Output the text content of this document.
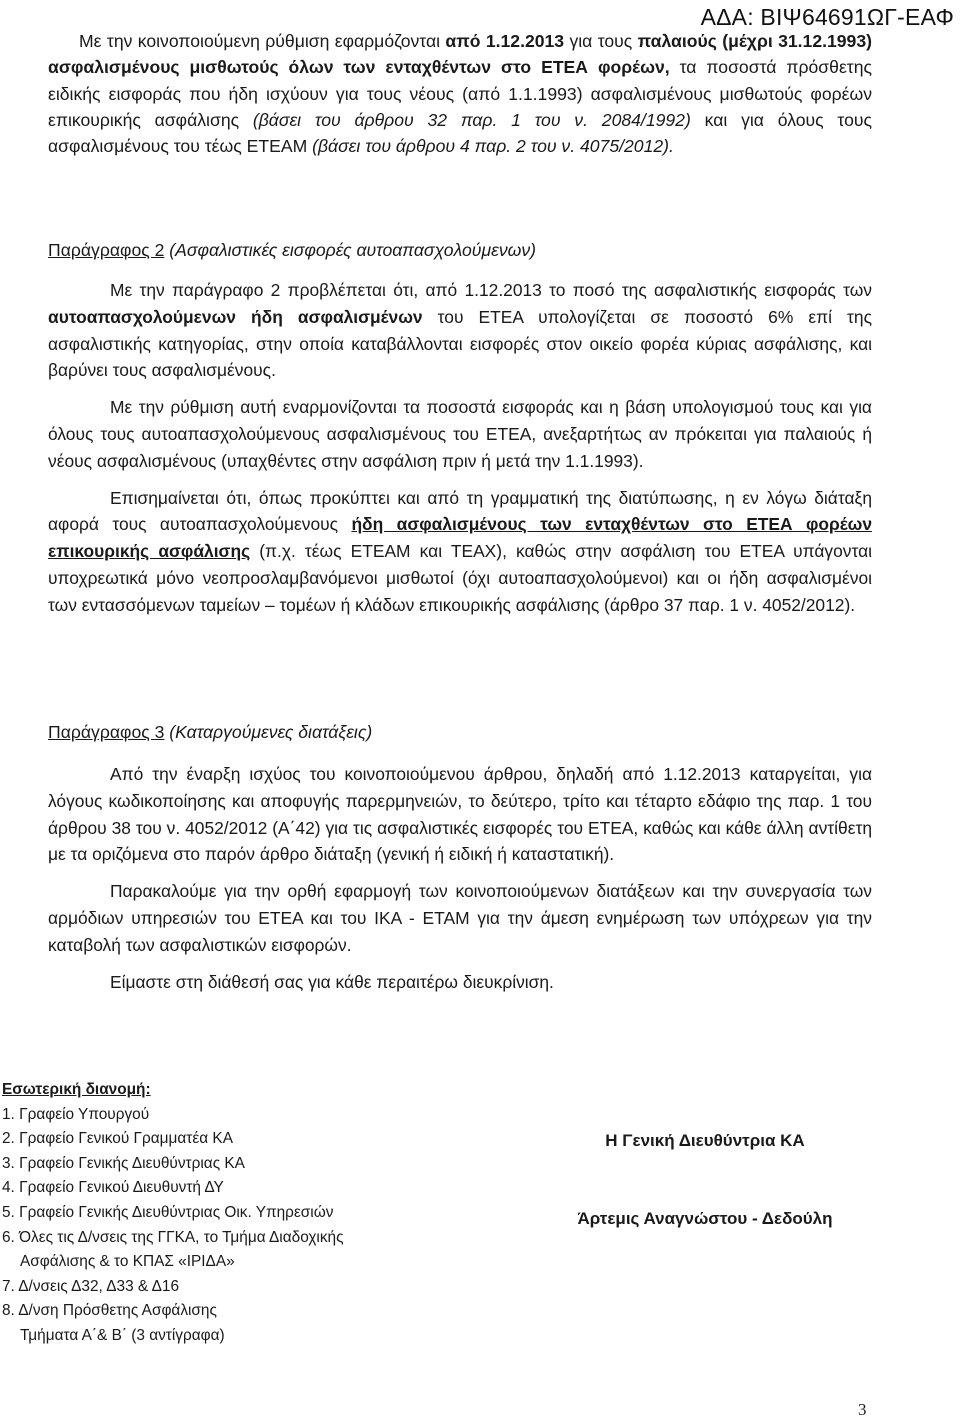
ΑΔΑ: ΒΙΨ64691ΩΓ-ΕΑΦ
Με την κοινοποιούμενη ρύθμιση εφαρμόζονται από 1.12.2013 για τους παλαιούς (μέχρι 31.12.1993) ασφαλισμένους μισθωτούς όλων των ενταχθέντων στο ΕΤΕΑ φορέων, τα ποσοστά πρόσθετης ειδικής εισφοράς που ήδη ισχύουν για τους νέους (από 1.1.1993) ασφαλισμένους μισθωτούς φορέων επικουρικής ασφάλισης (βάσει του άρθρου 32 παρ. 1 του ν. 2084/1992) και για όλους τους ασφαλισμένους του τέως ΕΤΕΑΜ (βάσει του άρθρου 4 παρ. 2 του ν. 4075/2012).
Παράγραφος 2 (Ασφαλιστικές εισφορές αυτοαπασχολούμενων)

Με την παράγραφο 2 προβλέπεται ότι, από 1.12.2013 το ποσό της ασφαλιστικής εισφοράς των αυτοαπασχολούμενων ήδη ασφαλισμένων του ΕΤΕΑ υπολογίζεται σε ποσοστό 6% επί της ασφαλιστικής κατηγορίας, στην οποία καταβάλλονται εισφορές στον οικείο φορέα κύριας ασφάλισης, και βαρύνει τους ασφαλισμένους.

Με την ρύθμιση αυτή εναρμονίζονται τα ποσοστά εισφοράς και η βάση υπολογισμού τους και για όλους τους αυτοαπασχολούμενους ασφαλισμένους του ΕΤΕΑ, ανεξαρτήτως αν πρόκειται για παλαιούς ή νέους ασφαλισμένους (υπαχθέντες στην ασφάλιση πριν ή μετά την 1.1.1993).

Επισημαίνεται ότι, όπως προκύπτει και από τη γραμματική της διατύπωσης, η εν λόγω διάταξη αφορά τους αυτοαπασχολούμενους ήδη ασφαλισμένους των ενταχθέντων στο ΕΤΕΑ φορέων επικουρικής ασφάλισης (π.χ. τέως ΕΤΕΑΜ και ΤΕΑΧ), καθώς στην ασφάλιση του ΕΤΕΑ υπάγονται υποχρεωτικά μόνο νεοπροσλαμβανόμενοι μισθωτοί (όχι αυτοαπασχολούμενοι) και οι ήδη ασφαλισμένοι των εντασσόμενων ταμείων – τομέων ή κλάδων επικουρικής ασφάλισης (άρθρο 37 παρ. 1 ν. 4052/2012).

Παράγραφος 3 (Καταργούμενες διατάξεις)

Από την έναρξη ισχύος του κοινοποιούμενου άρθρου, δηλαδή από 1.12.2013 καταργείται, για λόγους κωδικοποίησης και αποφυγής παρερμηνειών, το δεύτερο, τρίτο και τέταρτο εδάφιο της παρ. 1 του άρθρου 38 του ν. 4052/2012 (Α΄42) για τις ασφαλιστικές εισφορές του ΕΤΕΑ, καθώς και κάθε άλλη αντίθετη με τα οριζόμενα στο παρόν άρθρο διάταξη (γενική ή ειδική ή καταστατική).

Παρακαλούμε για την ορθή εφαρμογή των κοινοποιούμενων διατάξεων και την συνεργασία των αρμόδιων υπηρεσιών του ΕΤΕΑ και του ΙΚΑ - ΕΤΑΜ για την άμεση ενημέρωση των υπόχρεων για την καταβολή των ασφαλιστικών εισφορών.

Είμαστε στη διάθεσή σας για κάθε περαιτέρω διευκρίνιση.

Εσωτερική διανομή:
1. Γραφείο Υπουργού
2. Γραφείο Γενικού Γραμματέα ΚΑ
3. Γραφείο Γενικής Διευθύντριας ΚΑ
4. Γραφείο Γενικού Διευθυντή ΔΥ
5. Γραφείο Γενικής Διευθύντριας Οικ. Υπηρεσιών
6. Όλες τις Δ/νσεις της ΓΓΚΑ, το Τμήμα Διαδοχικής
Ασφάλισης & το ΚΠΑΣ «ΙΡΙΔΑ»
7. Δ/νσεις Δ32, Δ33 & Δ16
8. Δ/νση Πρόσθετης Ασφάλισης
Τμήματα Α΄& Β΄ (3 αντίγραφα)
Η Γενική Διευθύντρια ΚΑ
Άρτεμις Αναγνώστου - Δεδούλη
3
